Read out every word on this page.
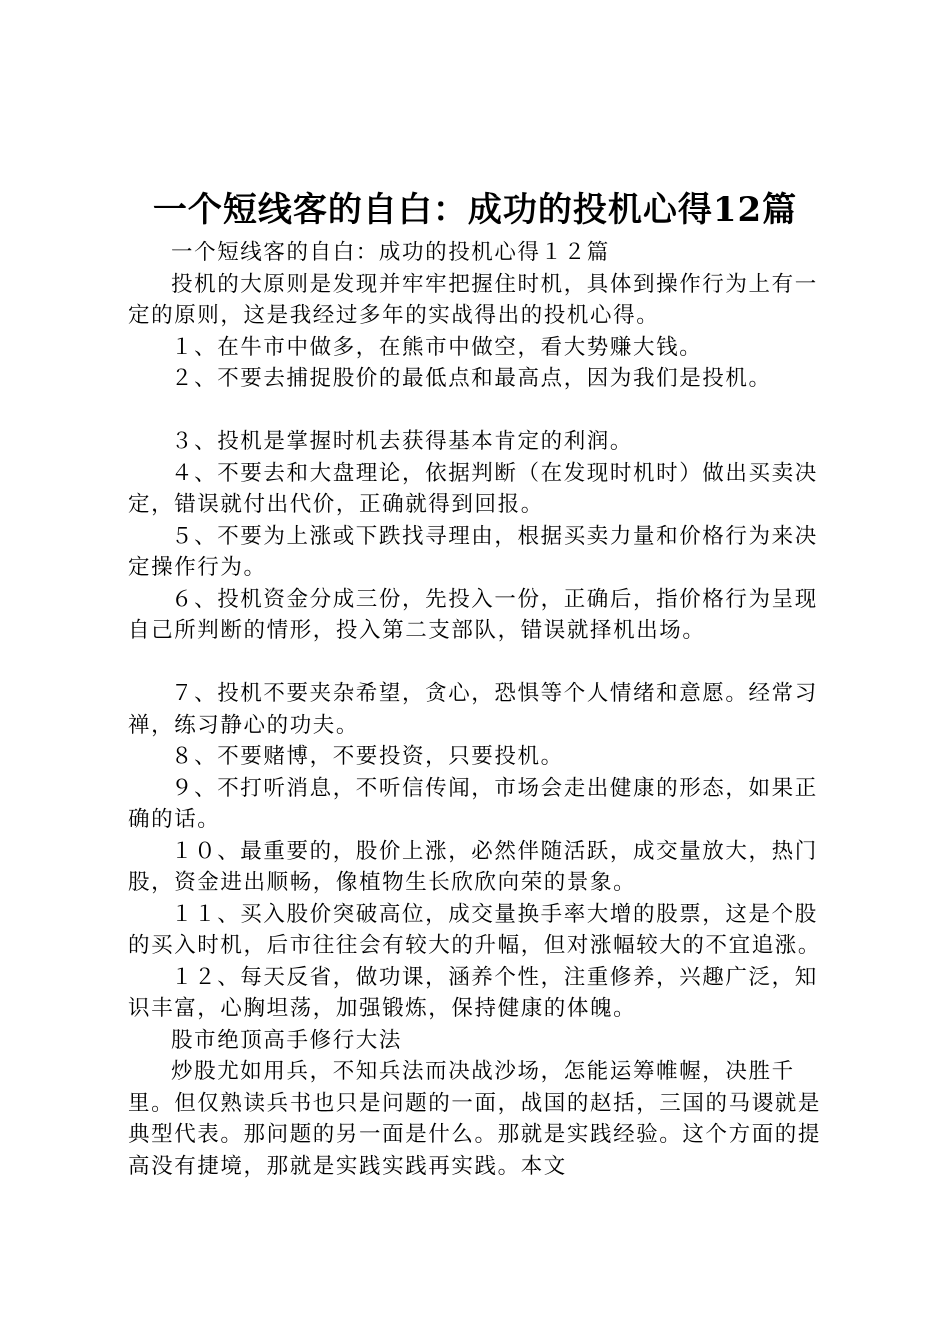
一个短线客的自白：成功的投机心得12篇

一个短线客的自白：成功的投机心得１２篇

投机的大原则是发现并牢牢把握住时机，具体到操作行为上有一定的原则，这是我经过多年的实战得出的投机心得。

１、在牛市中做多，在熊市中做空，看大势赚大钱。

２、不要去捕捉股价的最低点和最高点，因为我们是投机。

３、投机是掌握时机去获得基本肯定的利润。

４、不要去和大盘理论，依据判断（在发现时机时）做出买卖决定，错误就付出代价，正确就得到回报。

５、不要为上涨或下跌找寻理由，根据买卖力量和价格行为来决定操作行为。

６、投机资金分成三份，先投入一份，正确后，指价格行为呈现自己所判断的情形，投入第二支部队，错误就择机出场。

７、投机不要夹杂希望，贪心，恐惧等个人情绪和意愿。经常习禅，练习静心的功夫。

８、不要赌博，不要投资，只要投机。

９、不打听消息，不听信传闻，市场会走出健康的形态，如果正确的话。

１０、最重要的，股价上涨，必然伴随活跃，成交量放大，热门股，资金进出顺畅，像植物生长欣欣向荣的景象。

１１、买入股价突破高位，成交量换手率大增的股票，这是个股的买入时机，后市往往会有较大的升幅，但对涨幅较大的不宜追涨。

１２、每天反省，做功课，涵养个性，注重修养，兴趣广泛，知识丰富，心胸坦荡，加强锻炼，保持健康的体魄。

股市绝顶高手修行大法

炒股尤如用兵，不知兵法而决战沙场，怎能运筹帷幄，决胜千里。但仅熟读兵书也只是问题的一面，战国的赵括，三国的马谡就是典型代表。那问题的另一面是什么。那就是实践经验。这个方面的提高没有捷境，那就是实践实践再实践。本文
